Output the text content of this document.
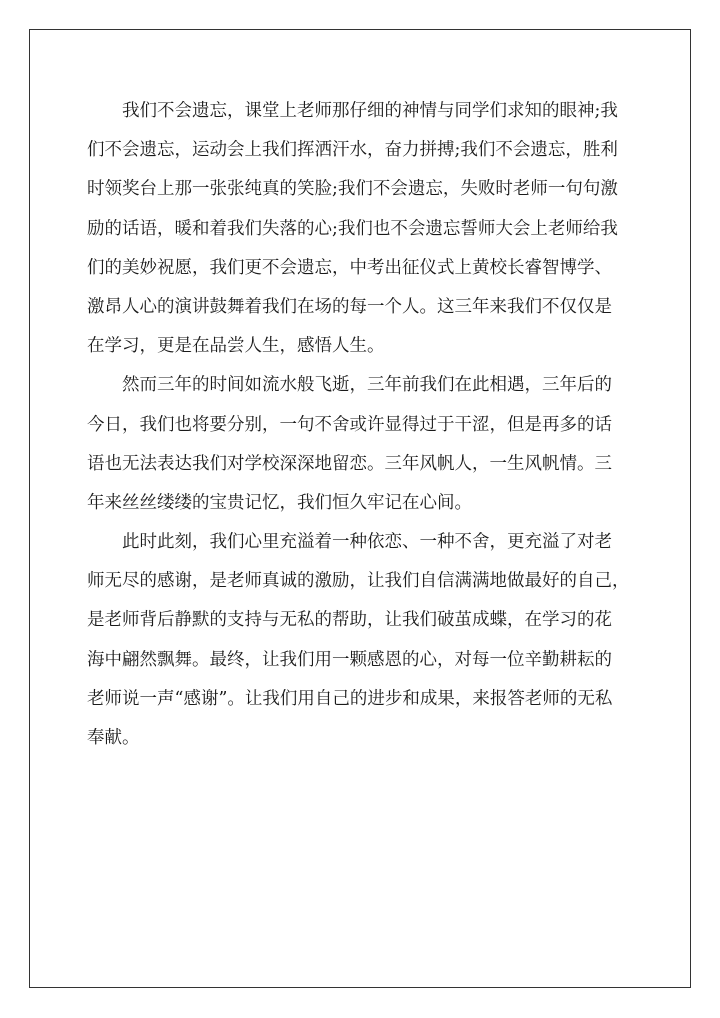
我们不会遗忘，课堂上老师那仔细的神情与同学们求知的眼神;我
们不会遗忘，运动会上我们挥洒汗水，奋力拼搏;我们不会遗忘，胜利
时领奖台上那一张张纯真的笑脸;我们不会遗忘，失败时老师一句句激
励的话语，暖和着我们失落的心;我们也不会遗忘誓师大会上老师给我
们的美妙祝愿，我们更不会遗忘，中考出征仪式上黄校长睿智博学、
激昂人心的演讲鼓舞着我们在场的每一个人。这三年来我们不仅仅是
在学习，更是在品尝人生，感悟人生。
然而三年的时间如流水般飞逝，三年前我们在此相遇，三年后的
今日，我们也将要分别，一句不舍或许显得过于干涩，但是再多的话
语也无法表达我们对学校深深地留恋。三年风帆人，一生风帆情。三
年来丝丝缕缕的宝贵记忆，我们恒久牢记在心间。
此时此刻，我们心里充溢着一种依恋、一种不舍，更充溢了对老
师无尽的感谢，是老师真诚的激励，让我们自信满满地做最好的自己，
是老师背后静默的支持与无私的帮助，让我们破茧成蝶，在学习的花
海中翩然飘舞。最终，让我们用一颗感恩的心，对每一位辛勤耕耘的
老师说一声“感谢”。让我们用自己的进步和成果，来报答老师的无私
奉献。
